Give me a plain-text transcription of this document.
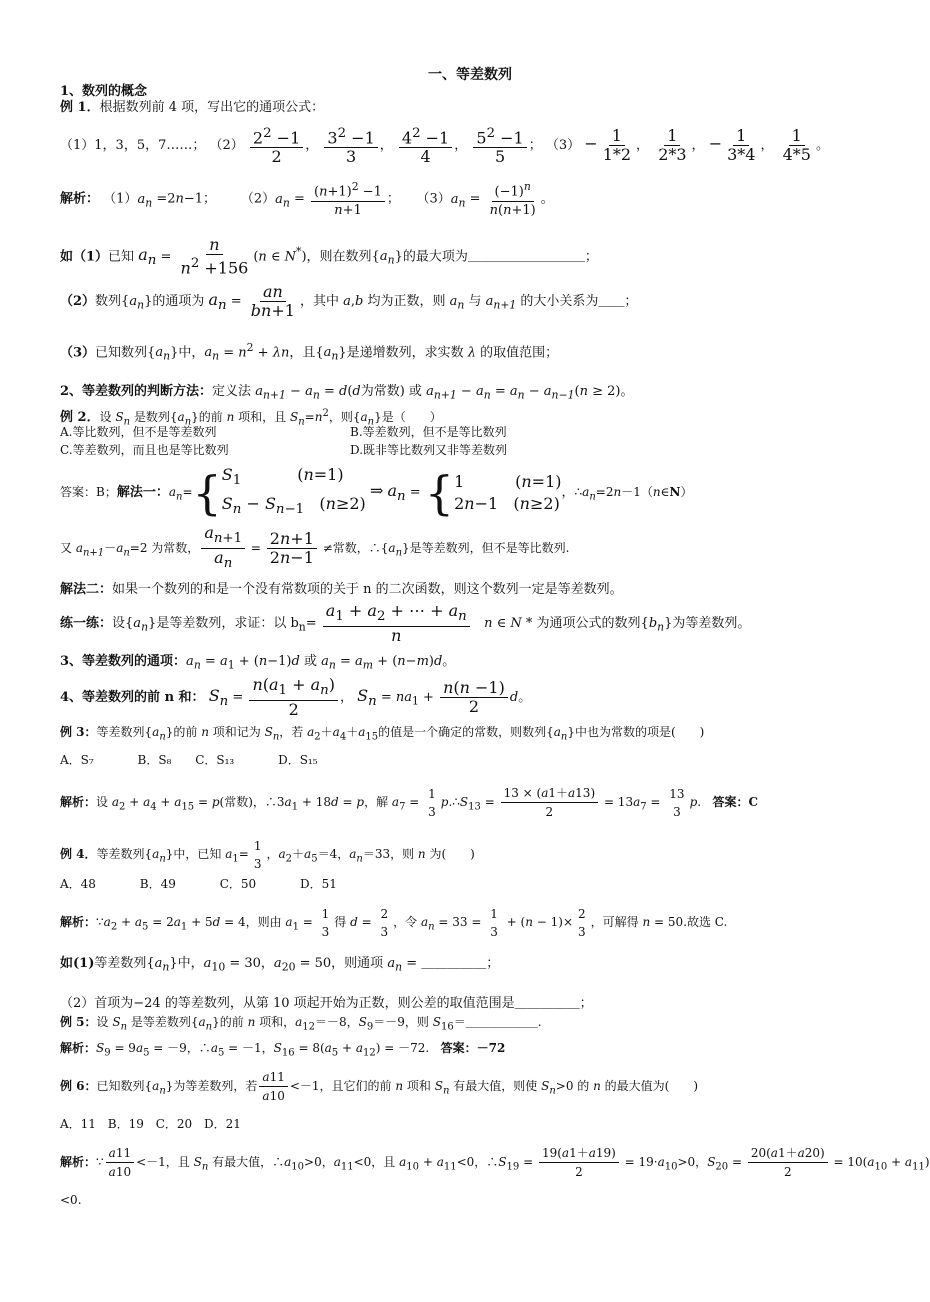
一、等差数列
1、数列的概念
例 1．根据数列前 4 项，写出它的通项公式：
（1）1，3，5，7……； $(2) \frac{2^2 -1}{2}$ ， $\frac{3^2 -1}{3}$ ， $\frac{4^2 -1}{4}$ ， $\frac{5^2 -1}{5}$ ； $(3) - \frac{1}{1*2}$ ， $\frac{1}{2*3}$ ， − $\frac{1}{3*4}$ ， $\frac{1}{4*5}$ 。
解析： $(1)a_n =2n-1$；      $(2)a_n = \frac{(n+1)^2 -1}{n+1}$ ；    $(3)a_n = \frac{(-1)^n}{n(n+1)}$ 。
如（1）已知 $a_n = \frac{n}{n^2 +156} (n$ ∈ N*)，则在数列$\{a_n\}$的最大项为＿＿＿＿＿＿＿＿＿；
（2）数列$\{a_n\}$的通项为 $a_n = \frac{an}{bn+1}$ ，其中 a,b 均为正数，则 $a_n$ 与 $a_{n+1}$ 的大小关系为＿＿；
（3）已知数列$\{a_n\}$中，$a_n = n^2 + \lambda n$，且$\{a_n\}$是递增数列，求实数 λ 的取值范围；
2、等差数列的判断方法：定义法 $a_{n+1} - a_n = d(d$为常数) 或 $a_{n+1} - a_n = a_n - a_{n-1}(n \ge 2)$。
例 2．设 $S_n$ 是数列$\{a_n\}$的前 n 项和，且 $S_n=n^2$，则$\{a_n\}$是（　　）
A.等比数列，但不是等差数列	B.等差数列，但不是等比数列
C.等差数列，而且也是等比数列	D.既非等比数列又非等差数列
答案：B；解法一：$a_n=${ $S_1$           (n=1)
$S_n - S_{n-1}$   (n≥2)
⇒ $a_n$ = { 1          (n=1)
2n−1   (n≥2)
，$\therefore a_n=2n-1(n\in N)$
又 $a_{n+1}-a_n=2$ 为常数， $\frac{a_{n+1}}{a_n} = \frac{2n+1}{2n-1}$ ≠常数，$\therefore\{a_n\}$是等差数列，但不是等比数列.
解法二：如果一个数列的和是一个没有常数项的关于 n 的二次函数，则这个数列一定是等差数列。
练一练：设$\{a_n\}$是等差数列，求证：以 $b_n= \frac{a_1 + a_2 + \cdots + a_n}{n}$ n ∈ N * 为通项公式的数列$\{b_n\}$为等差数列。
3、等差数列的通项：$a_n = a_1 + (n-1)d$ 或 $a_n = a_m + (n-m)d$。
4、等差数列的前 n 和： $S_n = \frac{n(a_1 + a_n)}{2}$ ， $S_n = na_1 + \frac{n(n -1)}{2}$ d。
例 3：等差数列$\{a_n\}$的前 n 项和记为 $S_n$，若 $a_2+a_4+a_{15}$的值是一个确定的常数，则数列$\{a_n\}$中也为常数的项是(　　)
A．S₇	B．S₈ C．S₁₃	D．S₁₅
解析：设 $a_2 + a_4 + a_{15} = p$(常数)，$\therefore 3a_1 + 18d = p$，解 $a_7$ =
1
3
$p.\therefore S_{13} = \frac{13 \times (a1+a13)}{2} = 13a_7$ =
13
3
p.   答案：C
例 4．等差数列$\{a_n\}$中，已知 $a_1=$
1
3
，$a_2+a_5=4$，$a_n=33$，则 n 为(　　)
A．48	B．49	C．50	D．51
解析：$\because a_2 + a_5 = 2a_1 + 5d = 4$，则由 $a_1$ =
1
3
得 d =
2
3
，令 $a_n = 33$ =
1
3
+ (n − 1)×
2
3
，可解得 n = 50.故选 C.
如(1)等差数列$\{a_n\}$中，$a_{10} = 30$，$a_{20} = 50$，则通项 $a_n$ = ＿＿＿＿＿；
（2）首项为−24 的等差数列，从第 10 项起开始为正数，则公差的取值范围是＿＿＿＿＿；
例 5：设 $S_n$ 是等差数列$\{a_n\}$的前 n 项和，$a_{12}=-8$，$S_9=-9$，则 $S_{16}=\_\_\_\_\_\_$.
解析：$S_9 = 9a_5 = -9$，$\therefore a_5 = -1$，$S_{16} = 8(a_5 + a_{12}) = -72$.   答案：－72
例 6：已知数列$\{a_n\}$为等差数列，若 $\frac{a11}{a10} <-1$，且它们的前 n 项和 $S_n$ 有最大值，则使 $S_n>0$ 的 n 的最大值为(　　)
A．11 B．19 C．20 D．21
解析：∵ $\frac{a11}{a10} <-1$，且 $S_n$ 有最大值，$\therefore a_{10}>0$，$a_{11}<0$，且 $a_{10} + a_{11}<0$，$\therefore S_{19} = \frac{19(a1+a19)}{2} = 19\cdot a_{10}>0$，$S_{20} = \frac{20(a1+a20)}{2} = 10(a_{10} + a_{11})$
<0.
